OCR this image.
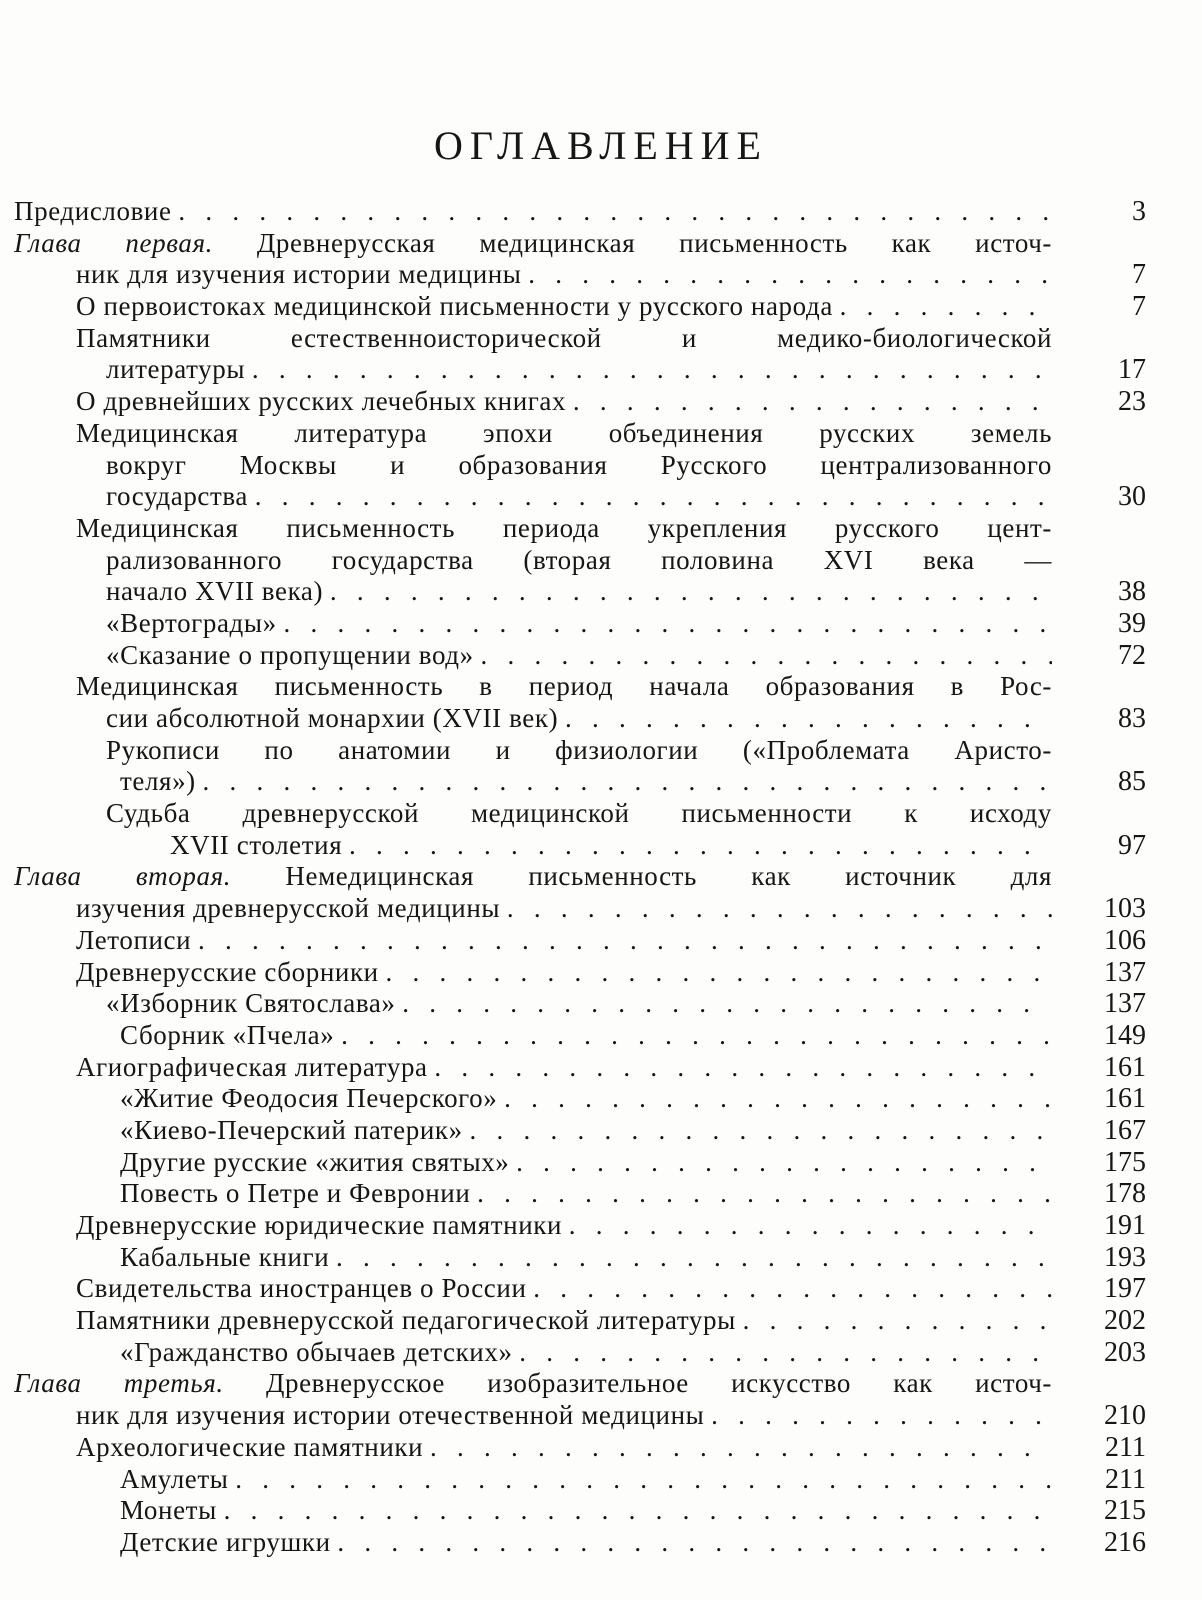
ОГЛАВЛЕНИЕ
Предисловие . .	3
Глава первая. Древнерусская медицинская письменность как источ-
ник для изучения истории медицины . .	7
О первоистоках медицинской письменности у русского народа . .	7
Памятники естественноисторической и медико-биологической
литературы . .	17
О древнейших русских лечебных книгах . .	23
Медицинская литература эпохи объединения русских земель
вокруг Москвы и образования Русского централизованного
государства . .	30
Медицинская письменность периода укрепления русского цент-
рализованного государства (вторая половина XVI века —
начало XVII века) . .	38
«Вертограды» . .	39
«Сказание о пропущении вод» . .	72
Медицинская письменность в период начала образования в Рос-
сии абсолютной монархии (XVII век) . .	83
Рукописи по анатомии и физиологии («Проблемата Аристо-
теля») . .	85
Судьба древнерусской медицинской письменности к исходу
XVII столетия . .	97
Глава вторая. Немедицинская письменность как источник для
изучения древнерусской медицины . .	103
Летописи . .	106
Древнерусские сборники . .	137
«Изборник Святослава» . .	137
Сборник «Пчела» . .	149
Агиографическая литература . .	161
«Житие Феодосия Печерского» . .	161
«Киево-Печерский патерик» . .	167
Другие русские «жития святых» . .	175
Повесть о Петре и Февронии . .	178
Древнерусские юридические памятники . .	191
Кабальные книги . .	193
Свидетельства иностранцев о России . .	197
Памятники древнерусской педагогической литературы . .	202
«Гражданство обычаев детских» . .	203
Глава третья. Древнерусское изобразительное искусство как источ-
ник для изучения истории отечественной медицины . .	210
Археологические памятники . .	211
Амулеты . .	211
Монеты . .	215
Детские игрушки . .	216
